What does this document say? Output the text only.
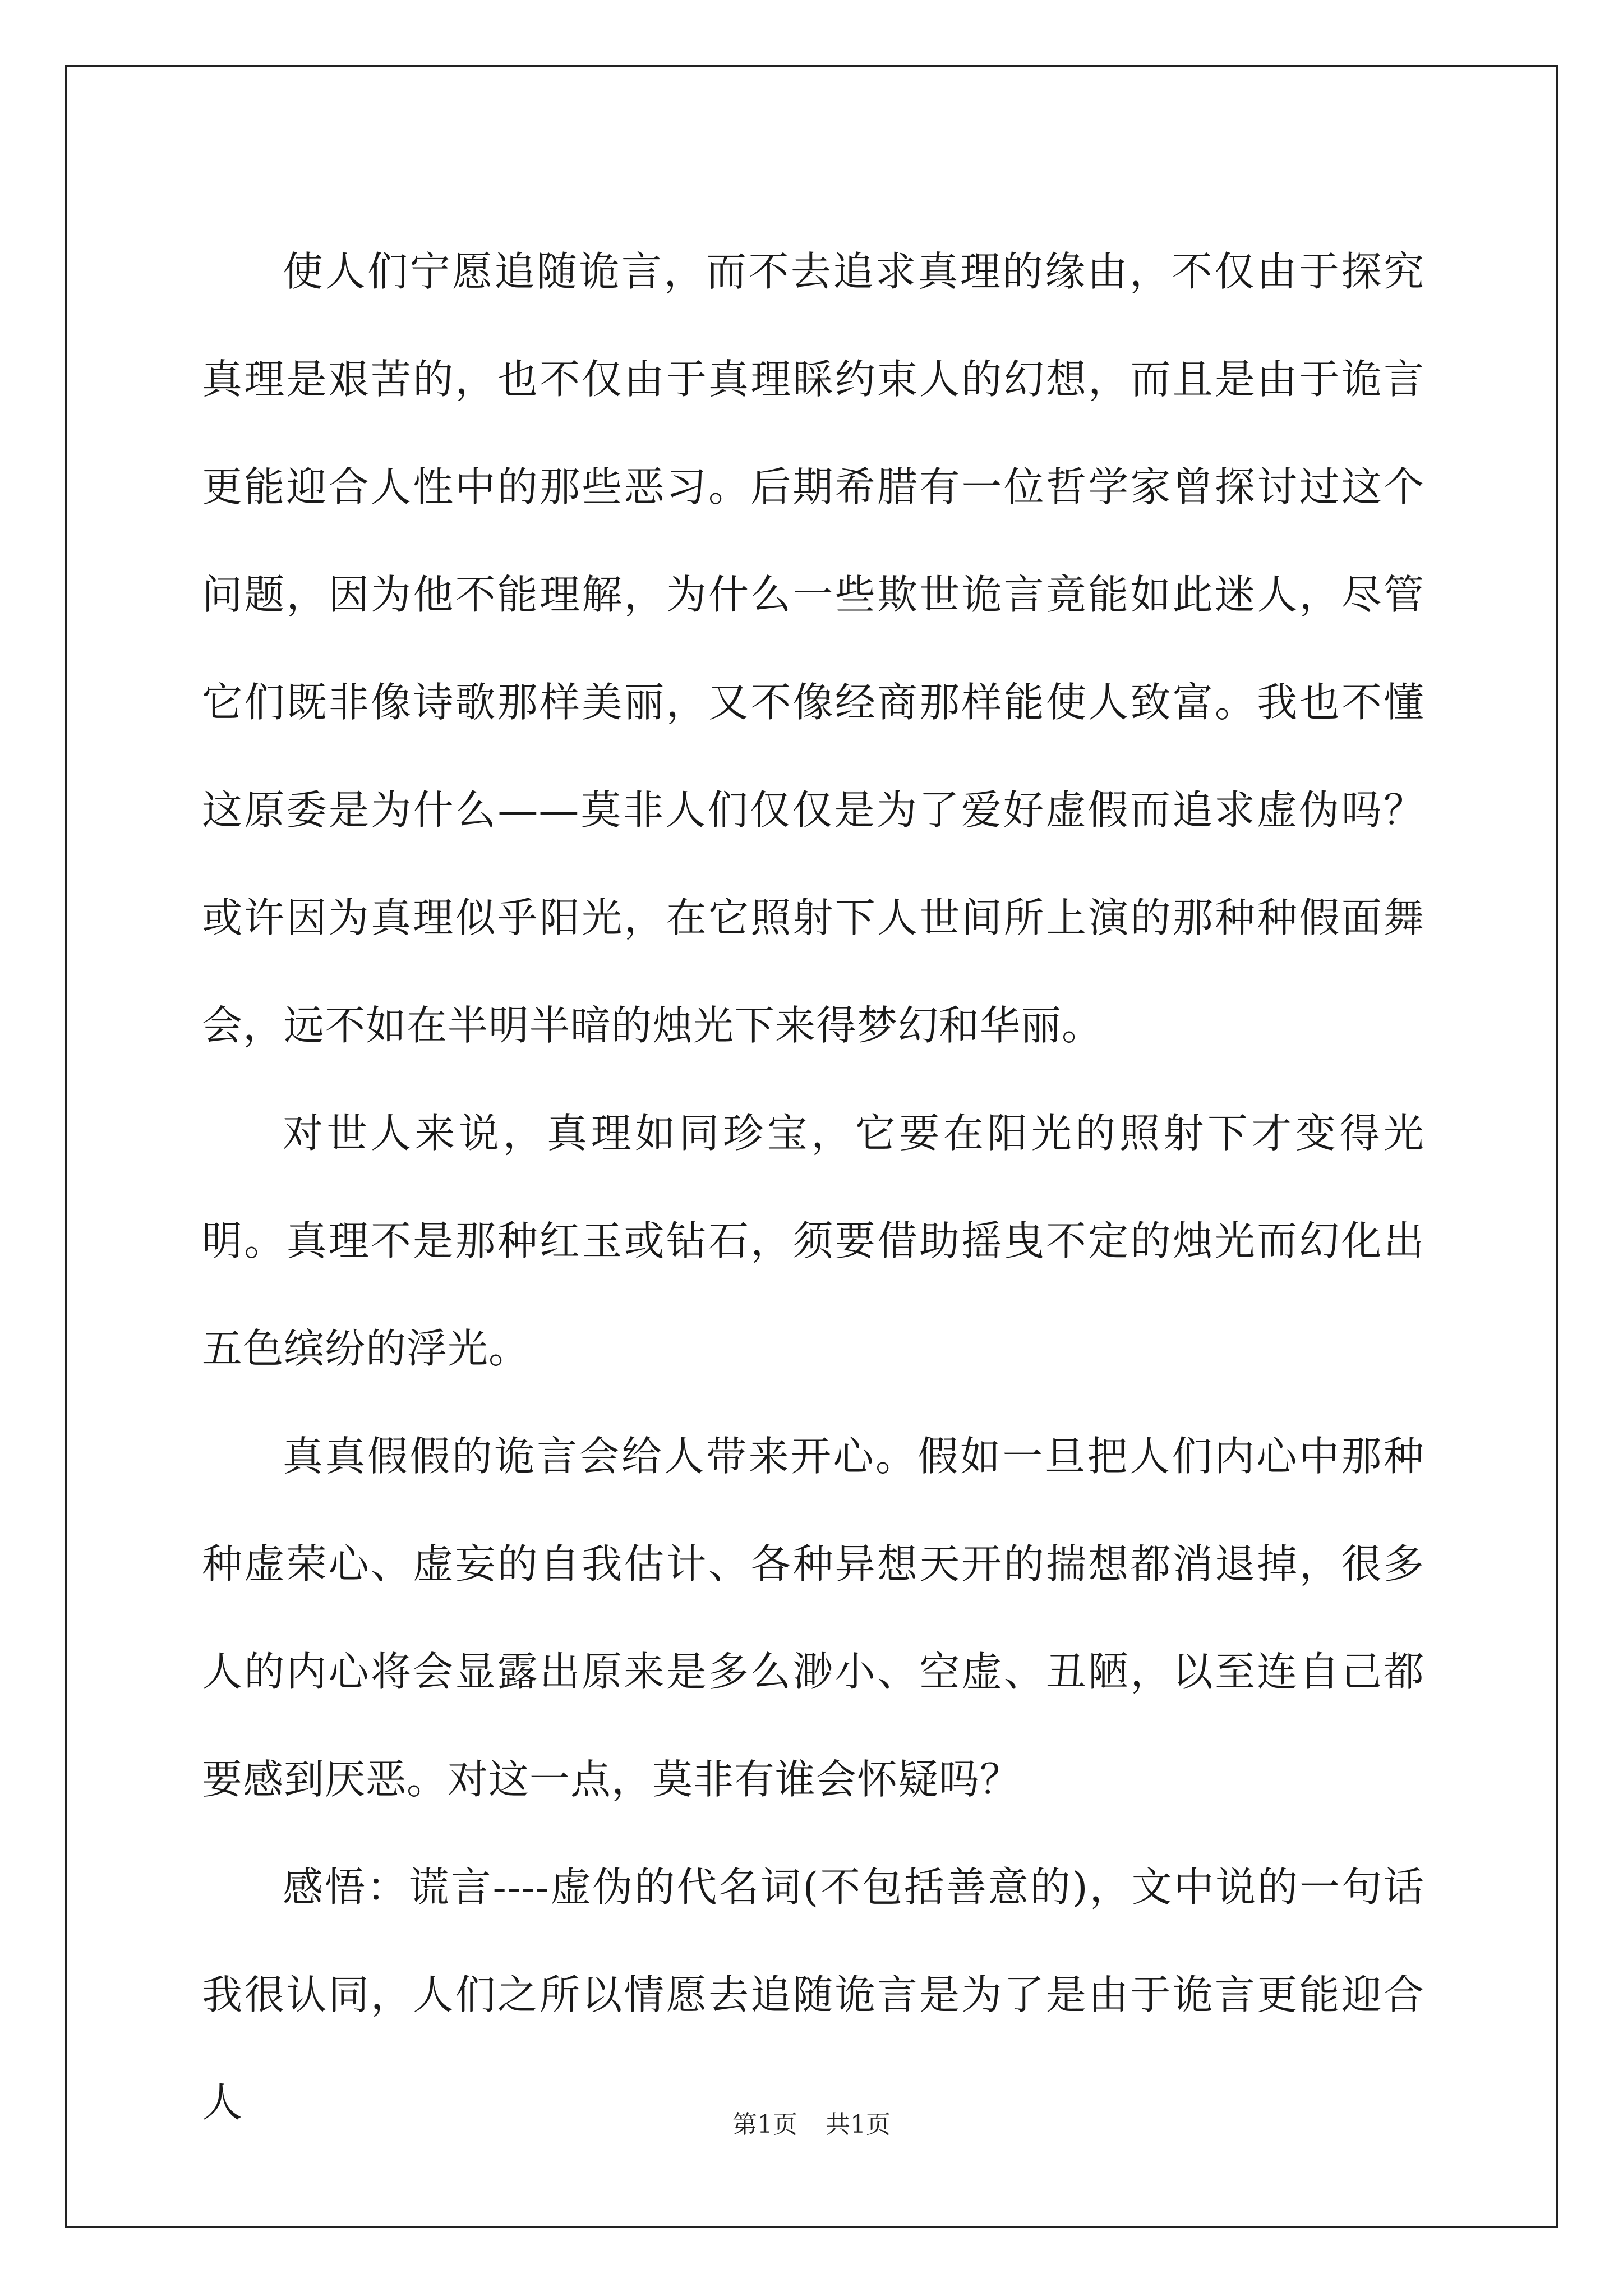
使人们宁愿追随诡言，而不去追求真理的缘由，不仅由于探究真理是艰苦的，也不仅由于真理睬约束人的幻想，而且是由于诡言更能迎合人性中的那些恶习。后期希腊有一位哲学家曾探讨过这个问题，因为他不能理解，为什么一些欺世诡言竟能如此迷人，尽管它们既非像诗歌那样美丽，又不像经商那样能使人致富。我也不懂这原委是为什么——莫非人们仅仅是为了爱好虚假而追求虚伪吗？或许因为真理似乎阳光，在它照射下人世间所上演的那种种假面舞会，远不如在半明半暗的烛光下来得梦幻和华丽。

对世人来说，真理如同珍宝，它要在阳光的照射下才变得光明。真理不是那种红玉或钻石，须要借助摇曳不定的烛光而幻化出五色缤纷的浮光。

真真假假的诡言会给人带来开心。假如一旦把人们内心中那种种虚荣心、虚妄的自我估计、各种异想天开的揣想都消退掉，很多人的内心将会显露出原来是多么渺小、空虚、丑陋，以至连自己都要感到厌恶。对这一点，莫非有谁会怀疑吗？

感悟：谎言----虚伪的代名词(不包括善意的)，文中说的一句话我很认同，人们之所以情愿去追随诡言是为了是由于诡言更能迎合人	第1页 共1页
